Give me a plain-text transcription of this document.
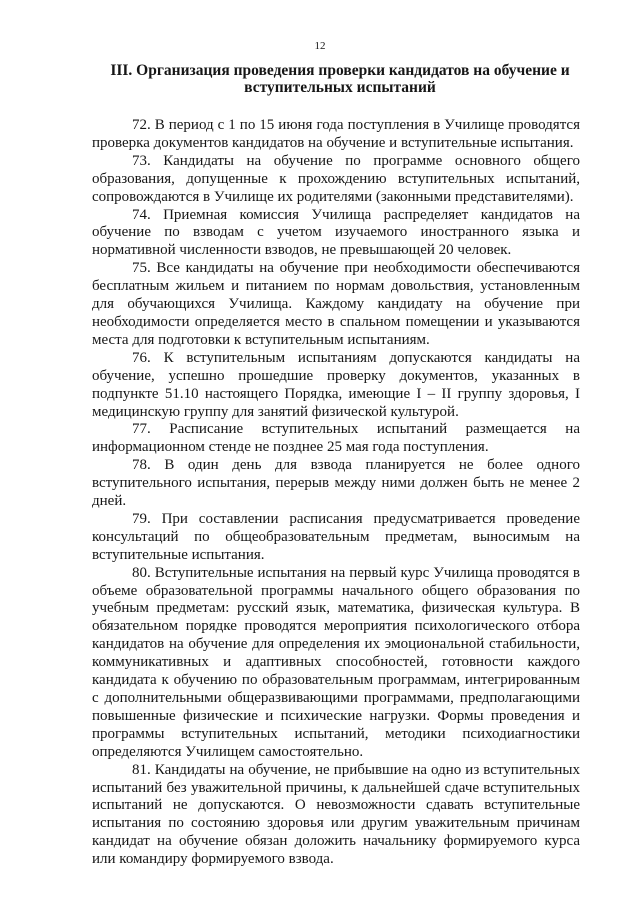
12
III. Организация проведения проверки кандидатов на обучение и вступительных испытаний

72. В период с 1 по 15 июня года поступления в Училище проводятся проверка документов кандидатов на обучение и вступительные испытания.

73. Кандидаты на обучение по программе основного общего образования, допущенные к прохождению вступительных испытаний, сопровождаются в Училище их родителями (законными представителями).

74. Приемная комиссия Училища распределяет кандидатов на обучение по взводам с учетом изучаемого иностранного языка и нормативной численности взводов, не превышающей 20 человек.

75. Все кандидаты на обучение при необходимости обеспечиваются бесплатным жильем и питанием по нормам довольствия, установленным для обучающихся Училища. Каждому кандидату на обучение при необходимости определяется место в спальном помещении и указываются места для подготовки к вступительным испытаниям.

76. К вступительным испытаниям допускаются кандидаты на обучение, успешно прошедшие проверку документов, указанных в подпункте 51.10 настоящего Порядка, имеющие I – II группу здоровья, I медицинскую группу для занятий физической культурой.

77. Расписание вступительных испытаний размещается на информационном стенде не позднее 25 мая года поступления.

78. В один день для взвода планируется не более одного вступительного испытания, перерыв между ними должен быть не менее 2 дней.

79. При составлении расписания предусматривается проведение консультаций по общеобразовательным предметам, выносимым на вступительные испытания.

80. Вступительные испытания на первый курс Училища проводятся в объеме образовательной программы начального общего образования по учебным предметам: русский язык, математика, физическая культура. В обязательном порядке проводятся мероприятия психологического отбора кандидатов на обучение для определения их эмоциональной стабильности, коммуникативных и адаптивных способностей, готовности каждого кандидата к обучению по образовательным программам, интегрированным с дополнительными общеразвивающими программами, предполагающими повышенные физические и психические нагрузки. Формы проведения и программы вступительных испытаний, методики психодиагностики определяются Училищем самостоятельно.

81. Кандидаты на обучение, не прибывшие на одно из вступительных испытаний без уважительной причины, к дальнейшей сдаче вступительных испытаний не допускаются. О невозможности сдавать вступительные испытания по состоянию здоровья или другим уважительным причинам кандидат на обучение обязан доложить начальнику формируемого курса или командиру формируемого взвода.
